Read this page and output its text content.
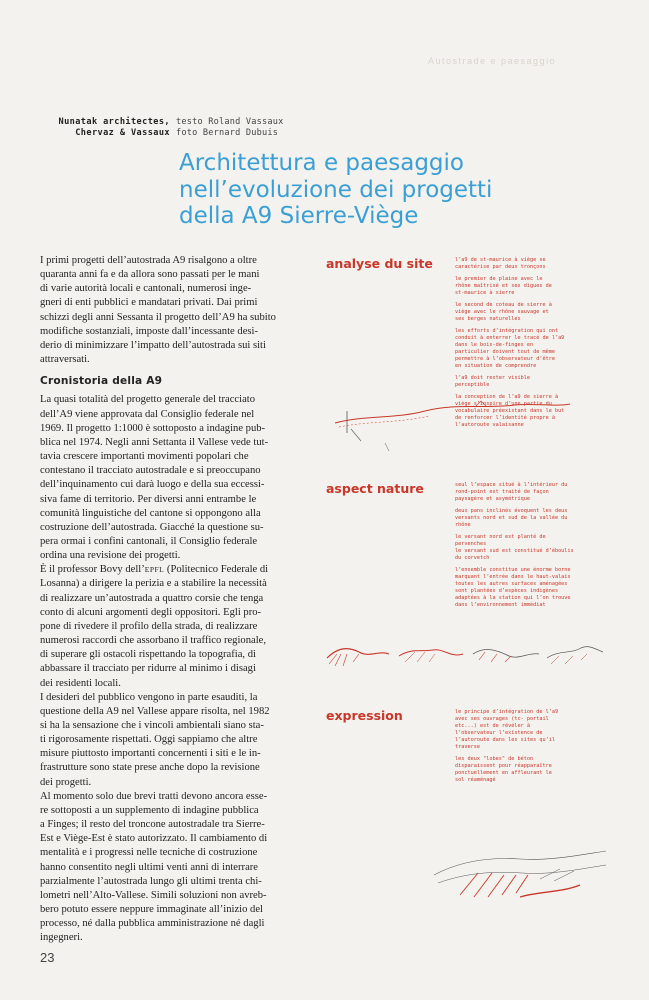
Autostrade e paesaggio
Nunatak architectes,
Chervaz & Vassaux
testo Roland Vassaux
foto Bernard Dubuis
Architettura e paesaggio
nell’evoluzione dei progetti
della A9 Sierre-Viège

I primi progetti dell’autostrada A9 risalgono a oltre
quaranta anni fa e da allora sono passati per le mani
di varie autorità locali e cantonali, numerosi inge-
gneri di enti pubblici e mandatari privati. Dai primi
schizzi degli anni Sessanta il progetto dell’A9 ha subito
modifiche sostanziali, imposte dall’incessante desi-
derio di minimizzare l’impatto dell’autostrada sui siti
attraversati.

Cronistoria della A9

La quasi totalità del progetto generale del tracciato
dell’A9 viene approvata dal Consiglio federale nel
1969. Il progetto 1:1000 è sottoposto a indagine pub-
blica nel 1974. Negli anni Settanta il Vallese vede tut-
tavia crescere importanti movimenti popolari che
contestano il tracciato autostradale e si preoccupano
dell’inquinamento cui darà luogo e della sua eccessi-
siva fame di territorio. Per diversi anni entrambe le
comunità linguistiche del cantone si oppongono alla
costruzione dell’autostrada. Giacché la questione su-
pera ormai i confini cantonali, il Consiglio federale
ordina una revisione dei progetti.

È il professor Bovy dell’EPFL (Politecnico Federale di
Losanna) a dirigere la perizia e a stabilire la necessità
di realizzare un’autostrada a quattro corsie che tenga
conto di alcuni argomenti degli oppositori. Egli pro-
pone di rivedere il profilo della strada, di realizzare
numerosi raccordi che assorbano il traffico regionale,
di superare gli ostacoli rispettando la topografia, di
abbassare il tracciato per ridurre al minimo i disagi
dei residenti locali.

I desideri del pubblico vengono in parte esauditi, la
questione della A9 nel Vallese appare risolta, nel 1982
si ha la sensazione che i vincoli ambientali siano sta-
ti rigorosamente rispettati. Oggi sappiamo che altre
misure piuttosto importanti concernenti i siti e le in-
frastrutture sono state prese anche dopo la revisione
dei progetti.

Al momento solo due brevi tratti devono ancora esse-
re sottoposti a un supplemento di indagine pubblica
a Finges; il resto del troncone autostradale tra Sierre-
Est e Viège-Est è stato autorizzato. Il cambiamento di
mentalità e i progressi nelle tecniche di costruzione
hanno consentito negli ultimi venti anni di interrare
parzialmente l’autostrada lungo gli ultimi trenta chi-
lometri nell’Alto-Vallese. Simili soluzioni non avreb-
bero potuto essere neppure immaginate all’inizio del
processo, né dalla pubblica amministrazione né dagli
ingegneri.

23
analyse du site	l’a9 de st-maurice à viège se
caractérise par deux tronçons
le premier de plaine avec le
rhône maîtrisé et ses digues de
st-maurice à sierre
le second de coteau de sierre à
viège avec le rhône sauvage et
ses berges naturelles
les efforts d’intégration qui ont
conduit à enterrer le tracé de l’a9
dans le bois-de-finges en
particulier doivent tout de même
permettre à l’observateur d’être
en situation de comprendre
l’a9 doit rester visible
perceptible
la conception de l’a9 de sierre à
viège s’inspire d’une partie du
vocabulaire préexistant dans le but
de renforcer l’identité propre à
l’autoroute valaisanne
aspect nature	seul l’espace situé à l’intérieur du
rond-point est traité de façon
paysagère et asymétrique
deux pans inclinés évoquent les deux
versants nord et sud de la vallée du
rhône
le versant nord est planté de
pervenches
le versant sud est constitué d’éboulis
du corvetch
l’ensemble constitue une énorme borne
marquant l’entrée dans le haut-valais
toutes les autres surfaces aménagées
sont plantées d’espèces indigènes
adaptées à la station qui l’on trouve
dans l’environnement immédiat
expression	le principe d’intégration de l’a9
avec ses ouvrages (tc- portail
etc...) est de révéler à
l’observateur l’existence de
l’autoroute dans les sites qu’il
traverse
les deux "lobes" de béton
disparaissent pour réapparaître
ponctuellement en affleurant le
sol réaménagé
